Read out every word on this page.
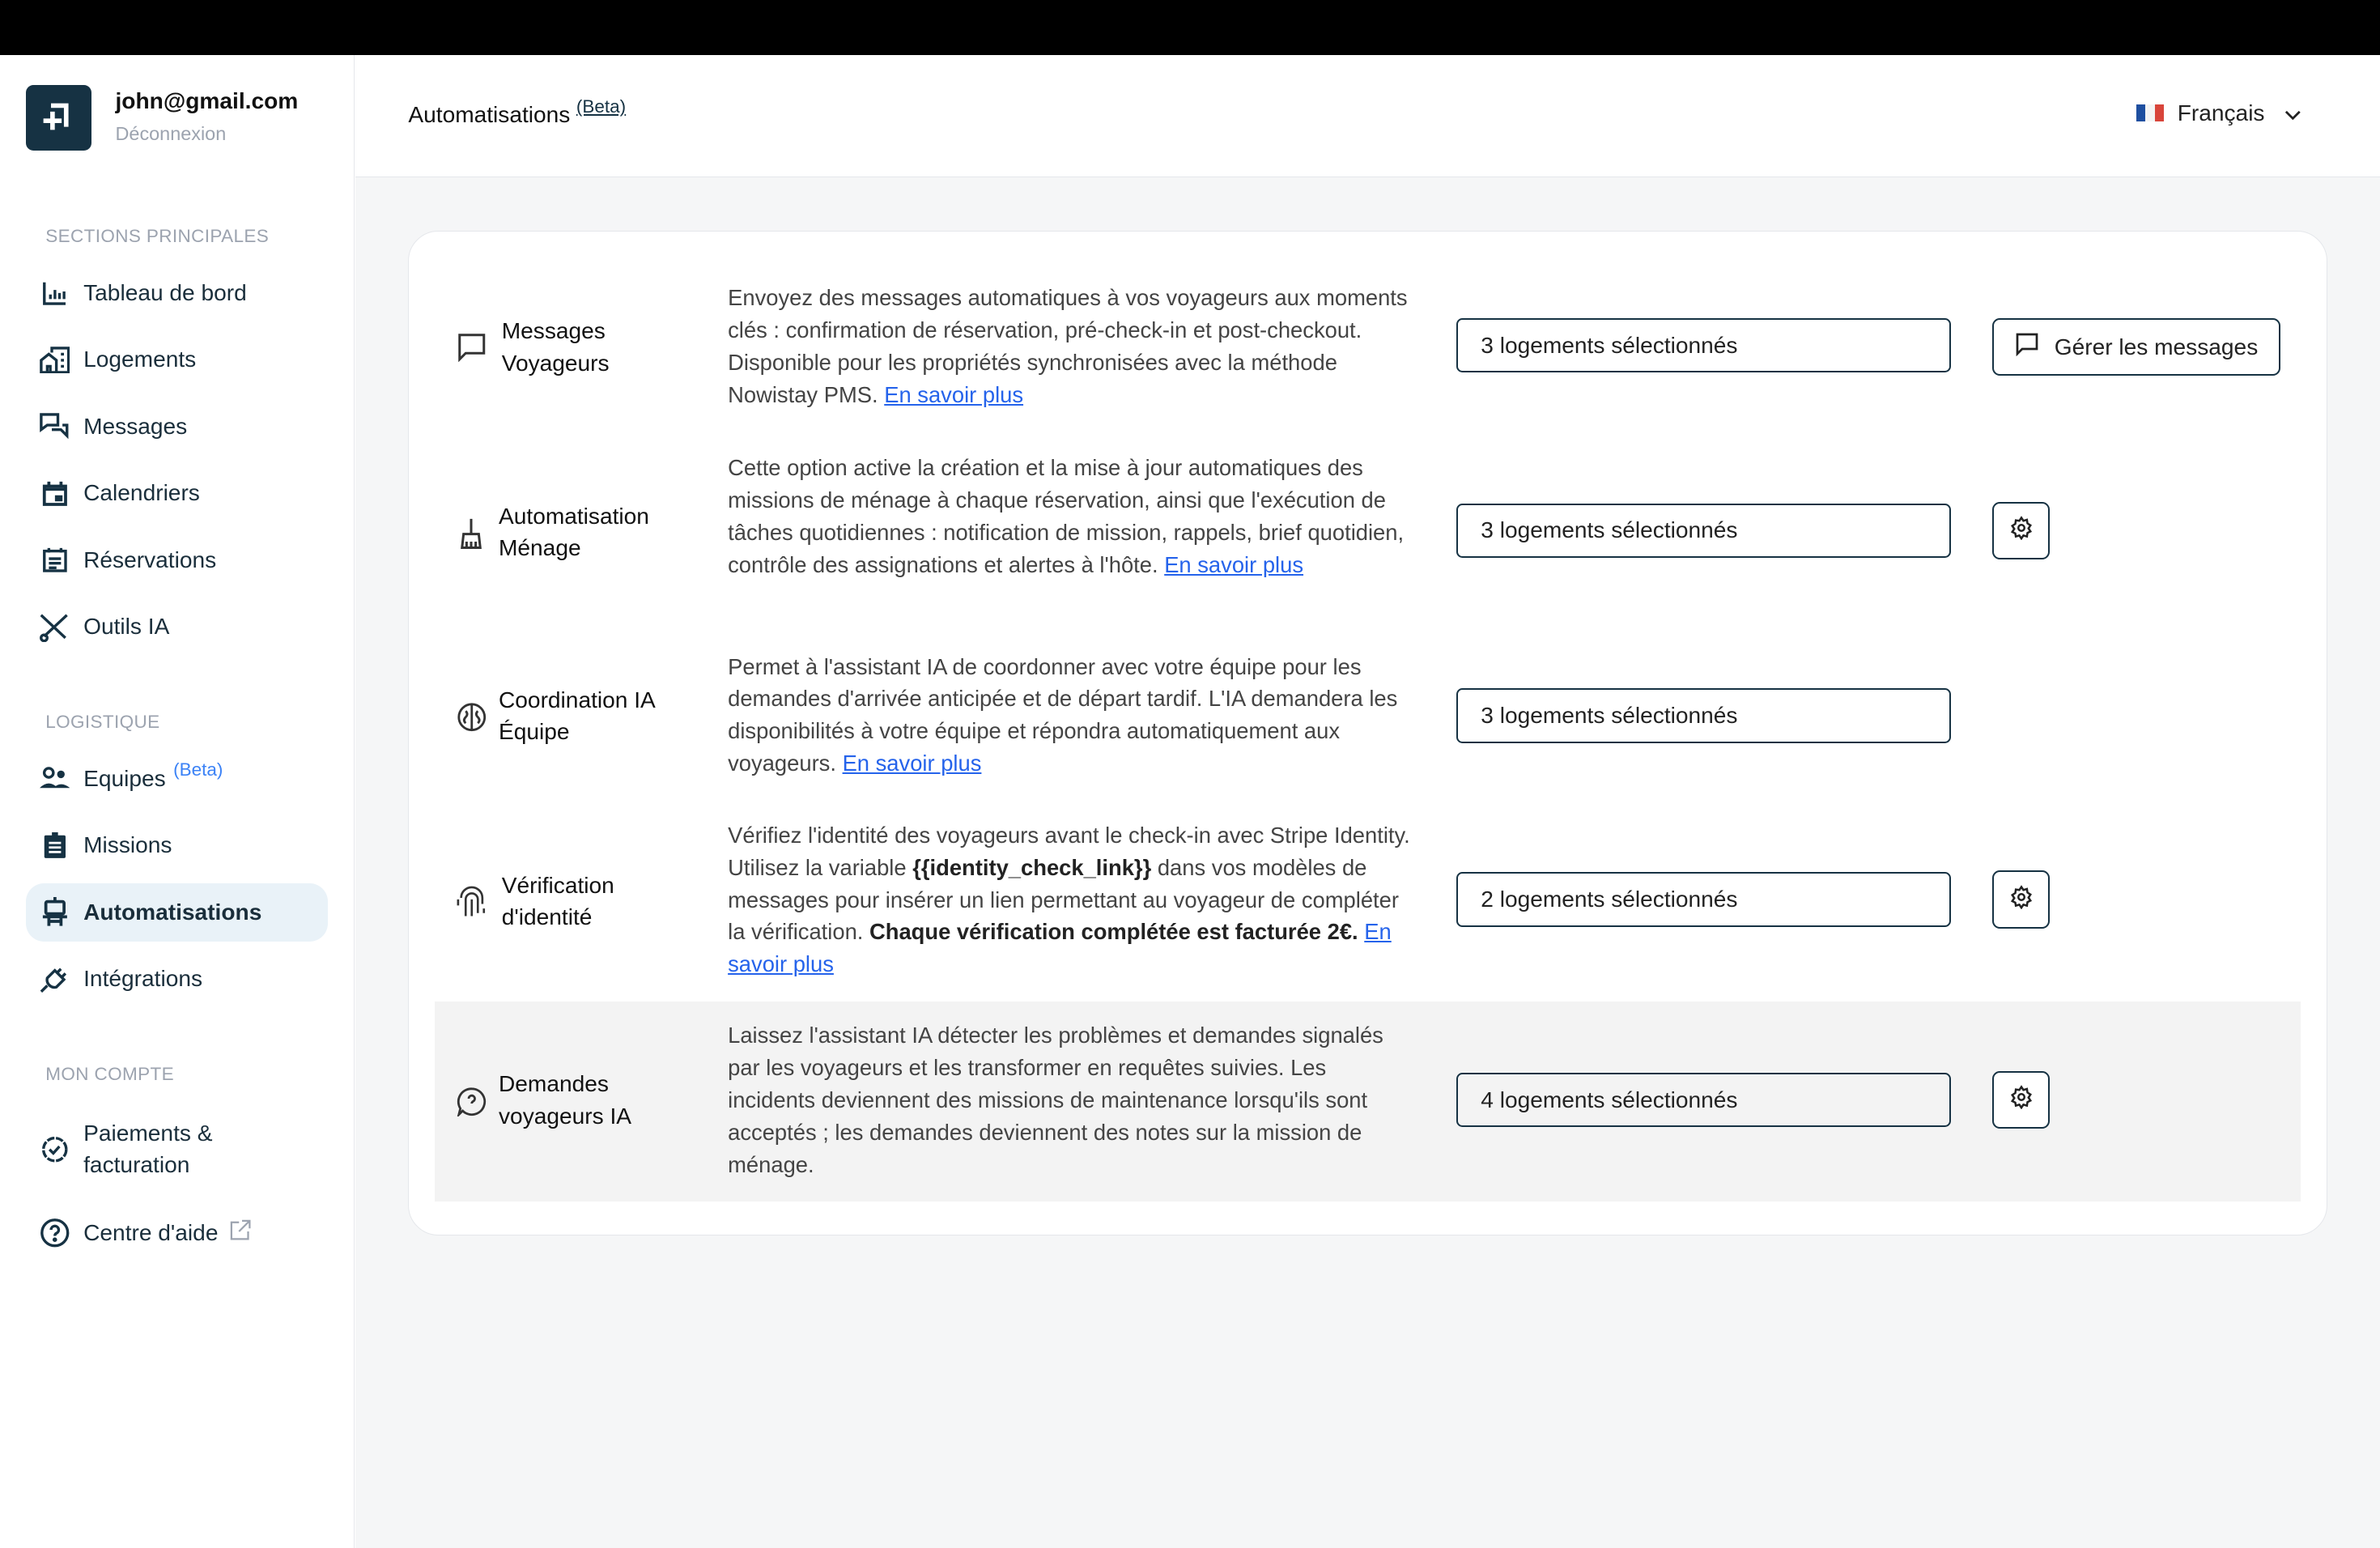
john@gmail.com
Déconnexion
SECTIONS PRINCIPALES
Tableau de bord
Logements
Messages
Calendriers
Réservations
Outils IA
LOGISTIQUE
Equipes (Beta)
Missions
Automatisations
Intégrations
MON COMPTE
Paiements & facturation
Centre d'aide
Automatisations $^{(Beta)}$	Français
Messages Voyageurs
Envoyez des messages automatiques à vos voyageurs aux moments clés : confirmation de réservation, pré-check-in et post-checkout. Disponible pour les propriétés synchronisées avec la méthode Nowistay PMS. En savoir plus
3 logements sélectionnés	Gérer les messages
Automatisation Ménage
Cette option active la création et la mise à jour automatiques des missions de ménage à chaque réservation, ainsi que l'exécution de tâches quotidiennes : notification de mission, rappels, brief quotidien, contrôle des assignations et alertes à l'hôte. En savoir plus
3 logements sélectionnés
Coordination IA Équipe
Permet à l'assistant IA de coordonner avec votre équipe pour les demandes d'arrivée anticipée et de départ tardif. L'IA demandera les disponibilités à votre équipe et répondra automatiquement aux voyageurs. En savoir plus
3 logements sélectionnés
Vérification d'identité
Vérifiez l'identité des voyageurs avant le check-in avec Stripe Identity. Utilisez la variable {{identity_check_link}} dans vos modèles de messages pour insérer un lien permettant au voyageur de compléter la vérification. Chaque vérification complétée est facturée 2€. En savoir plus
2 logements sélectionnés
Demandes voyageurs IA
Laissez l'assistant IA détecter les problèmes et demandes signalés par les voyageurs et les transformer en requêtes suivies. Les incidents deviennent des missions de maintenance lorsqu'ils sont acceptés ; les demandes deviennent des notes sur la mission de ménage.
4 logements sélectionnés
